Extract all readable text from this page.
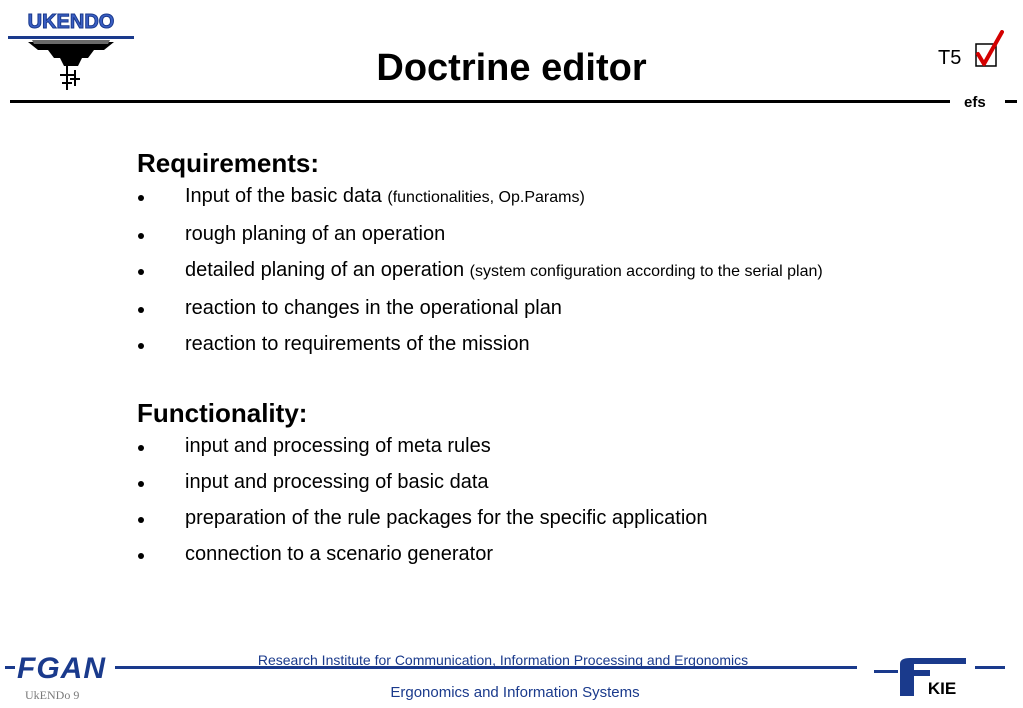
UKENDO
Doctrine editor	T5
efs
Requirements:
Input of the basic data (functionalities, Op.Params)
rough planing of an operation
detailed planing of an operation (system configuration according to the serial plan)
reaction to changes in the operational plan
reaction to requirements of the mission
Functionality:
input and processing of meta rules
input and processing of basic data
preparation of the rule packages for the specific application
connection to a scenario generator
FGAN	Research Institute for Communication, Information Processing and Ergonomics
Ergonomics and Information Systems
UkENDo 9	KIE
